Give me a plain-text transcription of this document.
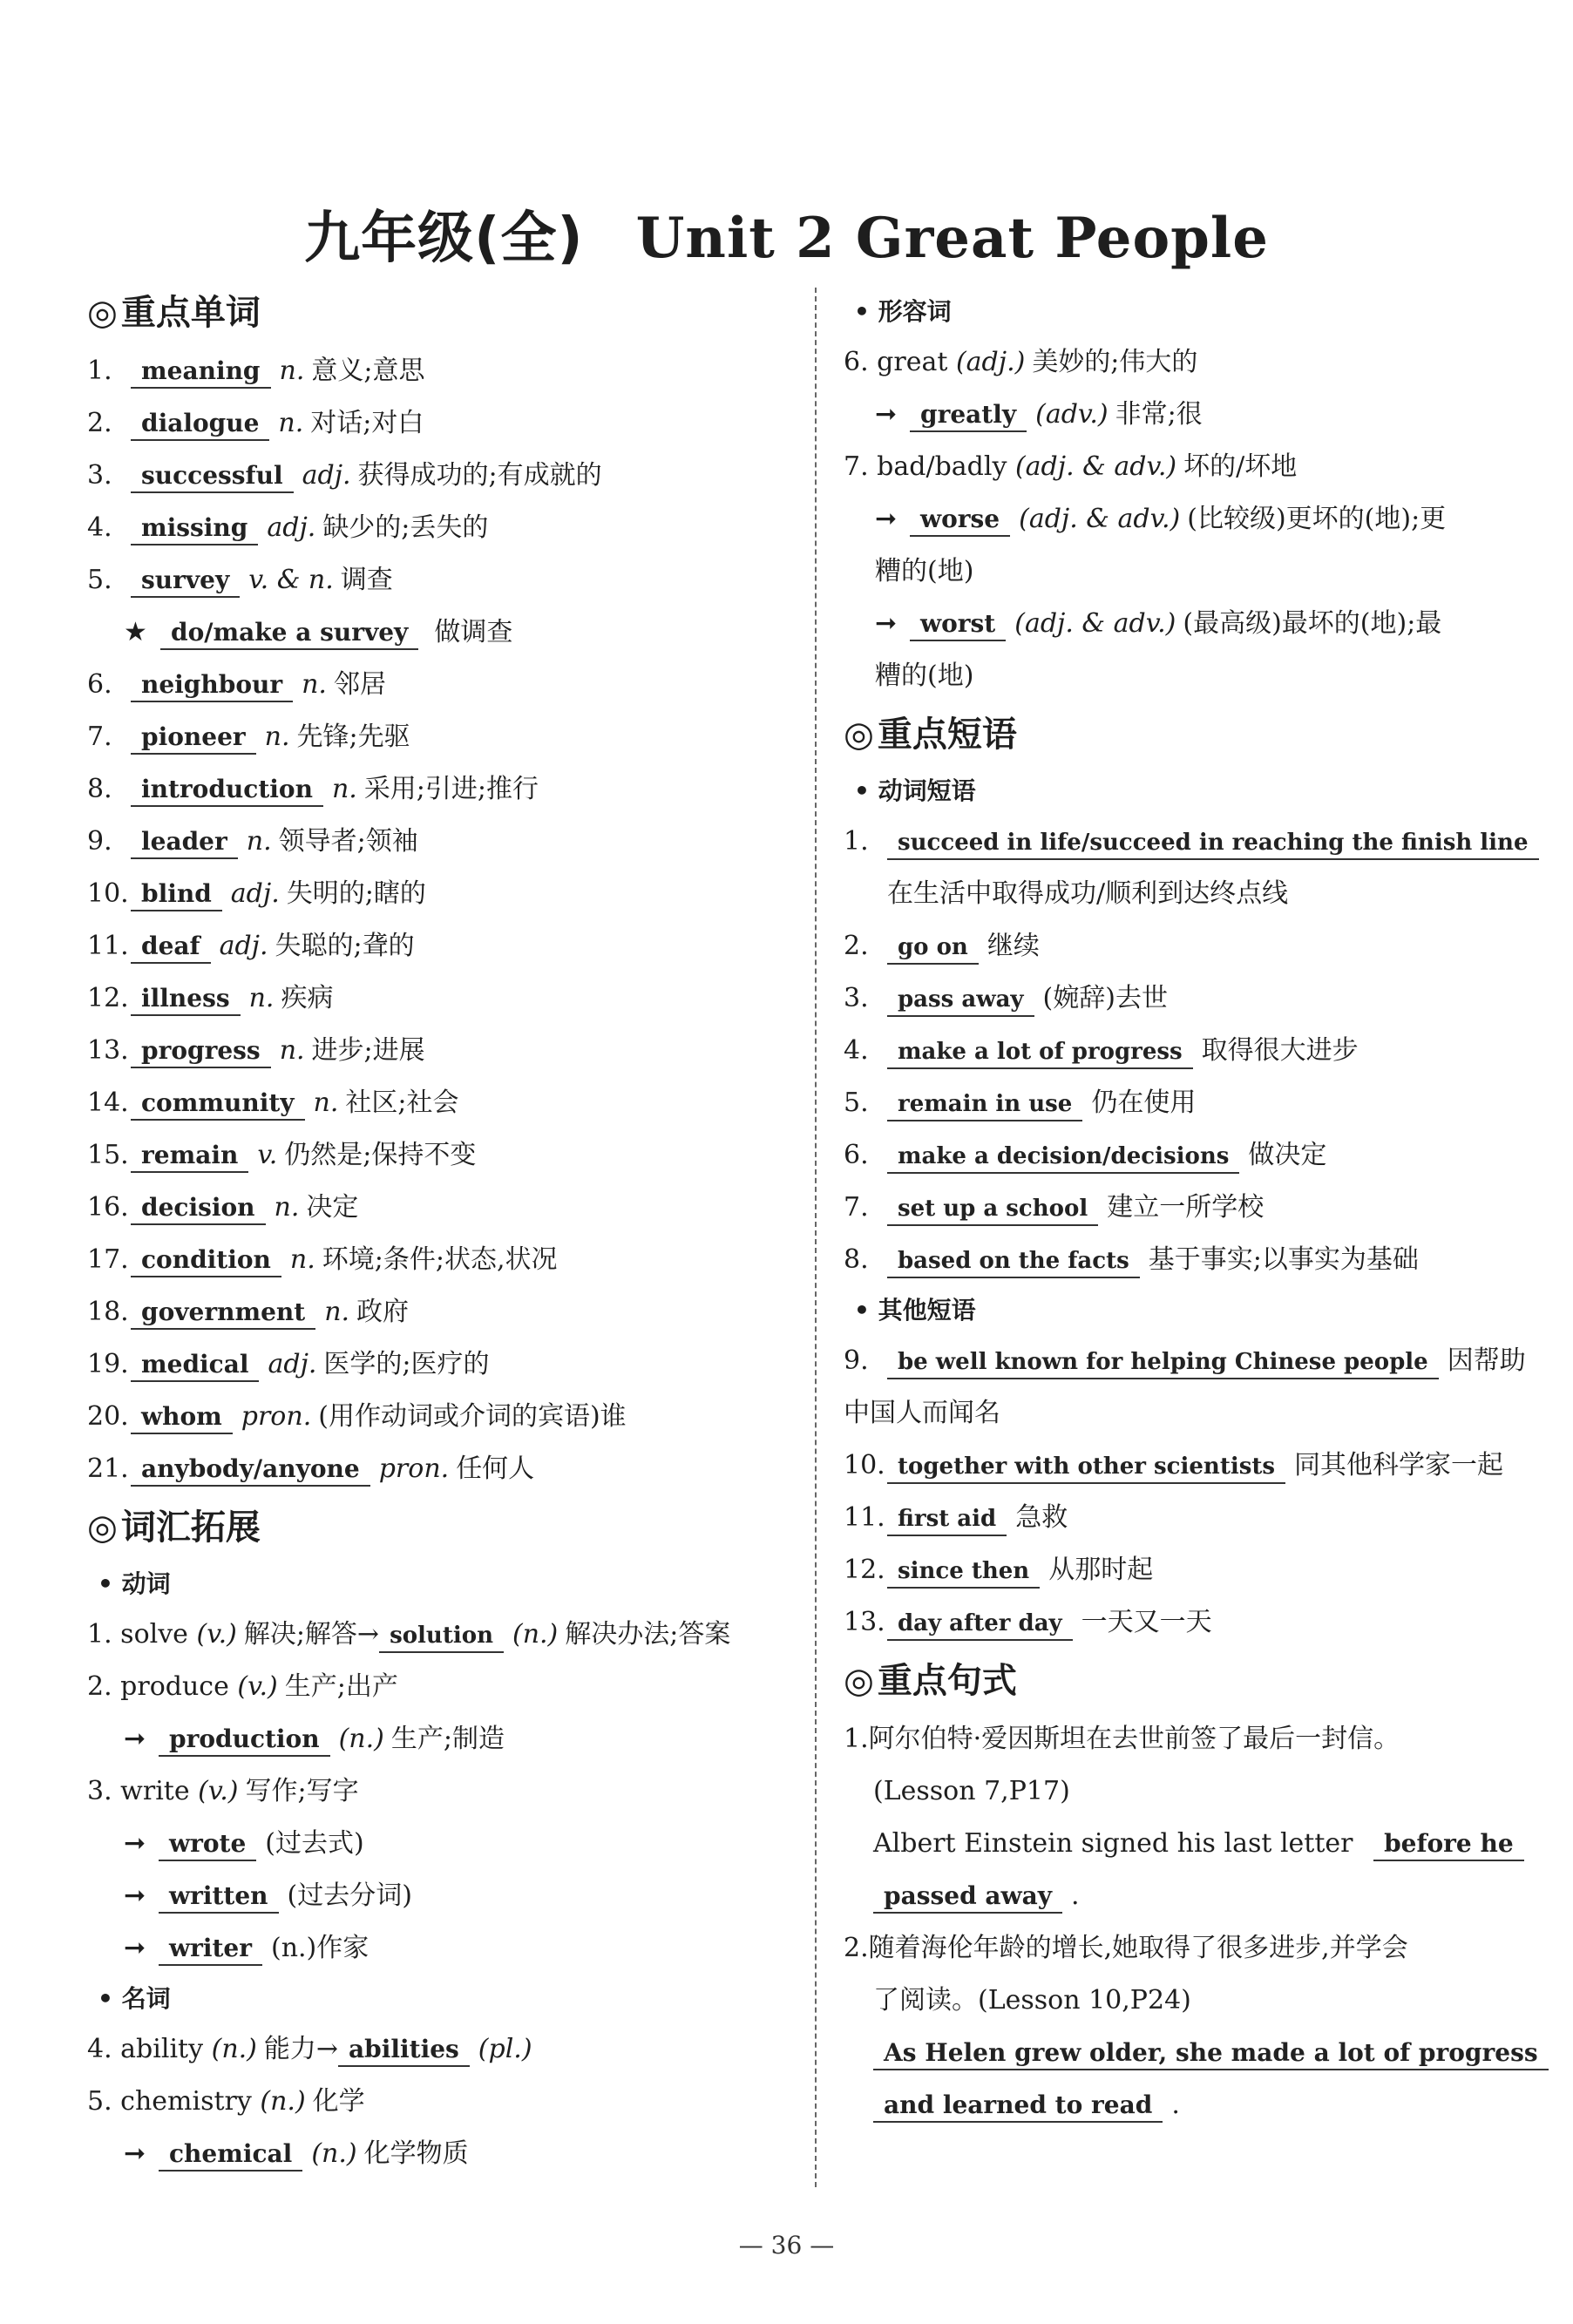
九年级(全) Unit 2 Great People
◎ 重点单词
1. meaning n. 意义;意思
2. dialogue n. 对话;对白
3. successful adj. 获得成功的;有成就的
4. missing adj. 缺少的;丢失的
5. survey v. & n. 调查
★ do/make a survey 做调查
6. neighbour n. 邻居
7. pioneer n. 先锋;先驱
8. introduction n. 采用;引进;推行
9. leader n. 领导者;领袖
10. blind adj. 失明的;瞎的
11. deaf adj. 失聪的;聋的
12. illness n. 疾病
13. progress n. 进步;进展
14. community n. 社区;社会
15. remain v. 仍然是;保持不变
16. decision n. 决定
17. condition n. 环境;条件;状态,状况
18. government n. 政府
19. medical adj. 医学的;医疗的
20. whom pron. (用作动词或介词的宾语)谁
21. anybody/anyone pron. 任何人
◎ 词汇拓展
• 动词
1. solve (v.) 解决;解答→ solution (n.) 解决办法;答案
2. produce (v.) 生产;出产
➞ production (n.) 生产;制造
3. write (v.) 写作;写字
➞ wrote (过去式)
➞ written (过去分词)
➞ writer (n.)作家
• 名词
4. ability (n.) 能力→ abilities (pl.)
5. chemistry (n.) 化学
➞ chemical (n.) 化学物质
• 形容词
6. great (adj.) 美妙的;伟大的
➞ greatly (adv.) 非常;很
7. bad/badly (adj. & adv.) 坏的/坏地
➞ worse (adj. & adv.) (比较级)更坏的(地);更
糟的(地)
➞ worst (adj. & adv.) (最高级)最坏的(地);最
糟的(地)
◎ 重点短语
• 动词短语
1. succeed in life/succeed in reaching the finish line
在生活中取得成功/顺利到达终点线
2. go on 继续
3. pass away (婉辞)去世
4. make a lot of progress 取得很大进步
5. remain in use 仍在使用
6. make a decision/decisions 做决定
7. set up a school 建立一所学校
8. based on the facts 基于事实;以事实为基础
• 其他短语
9. be well known for helping Chinese people 因帮助
中国人而闻名
10. together with other scientists 同其他科学家一起
11. first aid 急救
12. since then 从那时起
13. day after day 一天又一天
◎ 重点句式
1.阿尔伯特·爱因斯坦在去世前签了最后一封信。
(Lesson 7,P17)
Albert Einstein signed his last letter before he
passed away .
2.随着海伦年龄的增长,她取得了很多进步,并学会
了阅读。(Lesson 10,P24)
As Helen grew older, she made a lot of progress
and learned to read .
— 36 —
